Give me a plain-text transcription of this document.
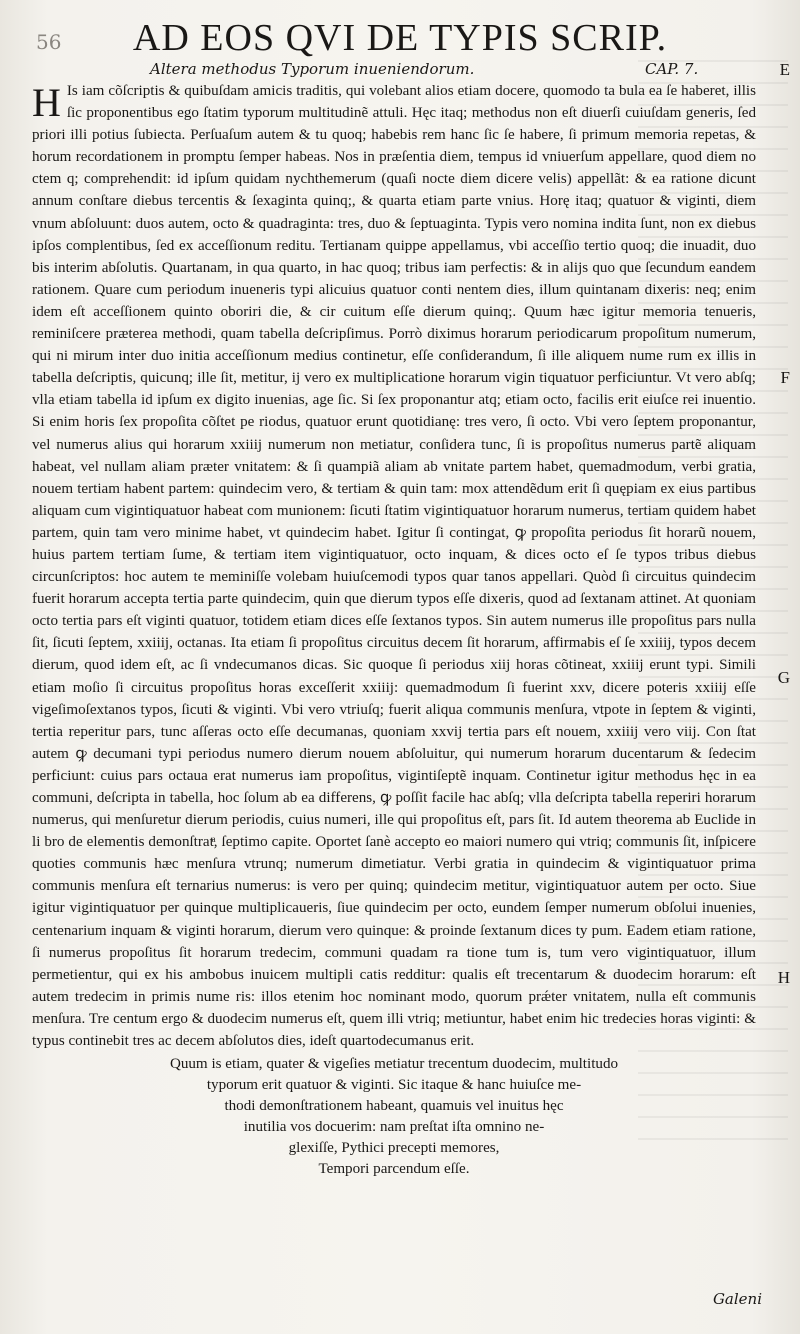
56	AD EOS QVI DE TYPIS SCRIP.
Altera methodus Typorum inueniendorum.	CAP. 7.	E
F
G
H
H Is iam cõſcriptis & quibuſdam amicis traditis, qui volebant alios etiam docere, quomodo ta bula ea ſe haberet, illis ſic proponentibus ego ſtatim typorum multitudinẽ attuli. Hęc itaq; methodus non eſt diuerſi cuiuſdam generis, ſed priori illi potius ſubiecta. Perſuaſum autem & tu quoq; habebis rem hanc ſic ſe habere, ſi primum memoria repetas, & horum recordationem in promptu ſemper habeas. Nos in præſentia diem, tempus id vniuerſum appellare, quod diem no ctem q; comprehendit: id ipſum quidam nychthemerum (quaſi nocte diem dicere velis) appellãt: & ea ratione dicunt annum conſtare diebus tercentis & ſexaginta quinq;, & quarta etiam parte vnius. Horę itaq; quatuor & viginti, diem vnum abſoluunt: duos autem, octo & quadraginta: tres, duo & ſeptuaginta. Typis vero nomina indita ſunt, non ex diebus ipſos complentibus, ſed ex acceſſionum reditu. Tertianam quippe appellamus, vbi acceſſio tertio quoq; die inuadit, duo bis interim abſolutis. Quartanam, in qua quarto, in hac quoq; tribus iam perfectis: & in alijs quo que ſecundum eandem rationem. Quare cum periodum inueneris typi alicuius quatuor conti nentem dies, illum quintanam dixeris: neq; enim idem eſt acceſſionem quinto oboriri die, & cir cuitum eſſe dierum quinq;. Quum hæc igitur memoria tenueris, reminiſcere præterea methodi, quam tabella deſcripſimus. Porrò diximus horarum periodicarum propoſitum numerum, qui ni mirum inter duo initia acceſſionum medius continetur, eſſe conſiderandum, ſi ille aliquem nume rum ex illis in tabella deſcriptis, quicunq; ille ſit, metitur, ij vero ex multiplicatione horarum vigin tiquatuor perficiuntur. Vt vero abſq; vlla etiam tabella id ipſum ex digito inuenias, age ſic. Si ſex proponantur atq; etiam octo, facilis erit eiuſce rei inuentio. Si enim horis ſex propoſita cõſtet pe riodus, quatuor erunt quotidianę: tres vero, ſi octo. Vbi vero ſeptem proponantur, vel numerus alius qui horarum xxiiij numerum non metiatur, conſidera tunc, ſi is propoſitus numerus partẽ aliquam habeat, vel nullam aliam præter vnitatem: & ſi quampiã aliam ab vnitate partem habet, quemadmodum, verbi gratia, nouem tertiam habent partem: quindecim vero, & tertiam & quin tam: mox attendẽdum erit ſi quępiam ex eius partibus aliquam cum vigintiquatuor habeat com munionem: ſicuti ſtatim vigintiquatuor horarum numerus, tertiam quidem habet partem, quin tam vero minime habet, vt quindecim habet. Igitur ſi contingat, ꝙ propoſita periodus ſit horarũ nouem, huius partem tertiam ſume, & tertiam item vigintiquatuor, octo inquam, & dices octo eſ ſe typos tribus diebus circunſcriptos: hoc autem te meminiſſe volebam huiuſcemodi typos quar tanos appellari. Quòd ſi circuitus quindecim fuerit horarum accepta tertia parte quindecim, quin que dierum typos eſſe dixeris, quod ad ſextanam attinet. At quoniam octo tertia pars eſt viginti quatuor, totidem etiam dices eſſe ſextanos typos. Sin autem numerus ille propoſitus pars nulla ſit, ſicuti ſeptem, xxiiij, octanas. Ita etiam ſi propoſitus circuitus decem ſit horarum, affirmabis eſ ſe xxiiij, typos decem dierum, quod idem eſt, ac ſi vndecumanos dicas. Sic quoque ſi periodus xiij horas cõtineat, xxiiij erunt typi. Simili etiam moſio ſi circuitus propoſitus horas exceſſerit xxiiij: quemadmodum ſi fuerint xxv, dicere poteris xxiiij eſſe vigeſimoſextanos typos, ſicuti & viginti. Vbi vero vtriuſq; fuerit aliqua communis menſura, vtpote in ſeptem & viginti, tertia reperitur pars, tunc aſſeras octo eſſe decumanas, quoniam xxvij tertia pars eſt nouem, xxiiij vero viij. Con ſtat autem ꝙ decumani typi periodus numero dierum nouem abſoluitur, qui numerum horarum ducentarum & ſedecim perficiunt: cuius pars octaua erat numerus iam propoſitus, vigintiſeptẽ inquam. Continetur igitur methodus hęc in ea communi, deſcripta in tabella, hoc ſolum ab ea differens, ꝙ poſſit facile hac abſq; vlla deſcripta tabella reperiri horarum numerus, qui menſuretur dierum periodis, cuius numeri, ille qui propoſitus eſt, pars ſit. Id autem theorema ab Euclide in li bro de elementis demonſtratͣ, ſeptimo capite. Oportet ſanè accepto eo maiori numero qui vtriq; communis ſit, inſpicere quoties communis hæc menſura vtrunq; numerum dimetiatur. Verbi gratia in quindecim & vigintiquatuor prima communis menſura eſt ternarius numerus: is vero per quinq; quindecim metitur, vigintiquatuor autem per octo. Siue igitur vigintiquatuor per quinque multiplicaueris, ſiue quindecim per octo, eundem ſemper numerum obſolui inuenies, centenarium inquam & viginti horarum, dierum vero quinque: & proinde ſextanum dices ty pum. Eadem etiam ratione, ſi numerus propoſitus ſit horarum tredecim, communi quadam ra tione tum is, tum vero vigintiquatuor, illum permetientur, qui ex his ambobus inuicem multipli catis redditur: qualis eſt trecentarum & duodecim horarum: eſt autem tredecim in primis nume ris: illos etenim hoc nominant modo, quorum prǽter vnitatem, nulla eſt communis menſura. Tre centum ergo & duodecim numerus eſt, quem illi vtriq; metiuntur, habet enim hic tredecies horas viginti: & typus continebit tres ac decem abſolutos dies, ideſt quartodecumanus erit.
Quum is etiam, quater & vigeſies metiatur trecentum duodecim, multitudo
typorum erit quatuor & viginti. Sic itaque & hanc huiuſce me-
thodi demonſtrationem habeant, quamuis vel inuitus hęc
inutilia vos docuerim: nam preſtat iſta omnino ne-
glexiſſe, Pythici precepti memores,
Tempori parcendum eſſe.
Galeni
